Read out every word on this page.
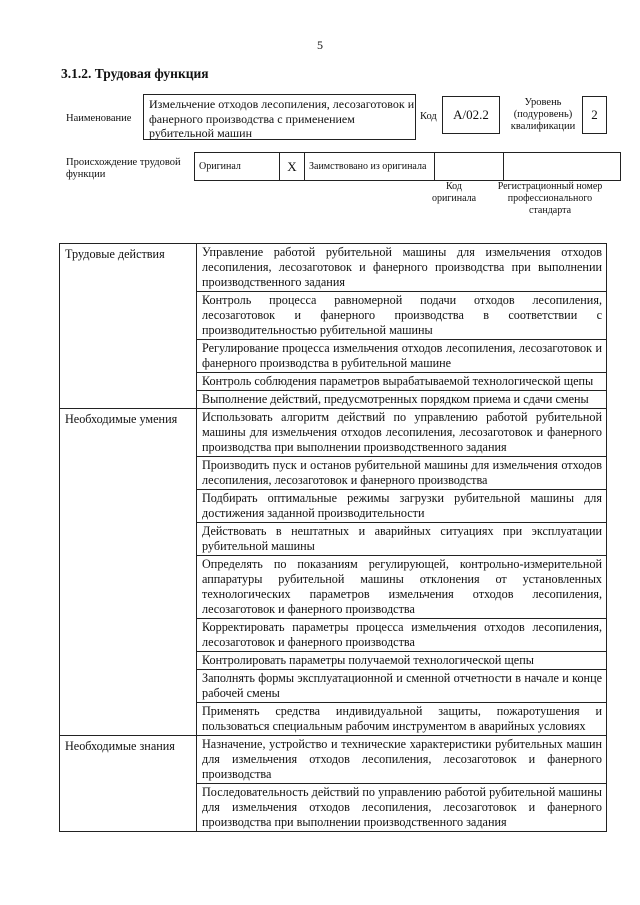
5
3.1.2. Трудовая функция
Наименование
Измельчение отходов лесопиления, лесозаготовок и фанерного производства с применением рубительной машин
Код	А/02.2
Уровень (подуровень) квалификации
2
Происхождение трудовой функции
Оригинал	Х	Заимствовано из оригинала		
Код оригинала
Регистрационный номер профессионального стандарта
Трудовые действия	Управление работой рубительной машины для измельчения отходов лесопиления, лесозаготовок и фанерного производства при выполнении производственного задания
	Контроль процесса равномерной подачи отходов лесопиления, лесозаготовок и фанерного производства в соответствии с производительностью рубительной машины
	Регулирование процесса измельчения отходов лесопиления, лесозаготовок и фанерного производства в рубительной машине
	Контроль соблюдения параметров вырабатываемой технологической щепы
	Выполнение действий, предусмотренных порядком приема и сдачи смены
Необходимые умения	Использовать алгоритм действий по управлению работой рубительной машины для измельчения отходов лесопиления, лесозаготовок и фанерного производства при выполнении производственного задания
	Производить пуск и останов рубительной машины для измельчения отходов лесопиления, лесозаготовок и фанерного производства
	Подбирать оптимальные режимы загрузки рубительной машины для достижения заданной производительности
	Действовать в нештатных и аварийных ситуациях при эксплуатации рубительной машины
	Определять по показаниям регулирующей, контрольно-измерительной аппаратуры рубительной машины отклонения от установленных технологических параметров измельчения отходов лесопиления, лесозаготовок и фанерного производства
	Корректировать параметры процесса измельчения отходов лесопиления, лесозаготовок и фанерного производства
	Контролировать параметры получаемой технологической щепы
	Заполнять формы эксплуатационной и сменной отчетности в начале и конце рабочей смены
	Применять средства индивидуальной защиты, пожаротушения и пользоваться специальным рабочим инструментом в аварийных условиях
Необходимые знания	Назначение, устройство и технические характеристики рубительных машин для измельчения отходов лесопиления, лесозаготовок и фанерного производства
	Последовательность действий по управлению работой рубительной машины для измельчения отходов лесопиления, лесозаготовок и фанерного производства при выполнении производственного задания
